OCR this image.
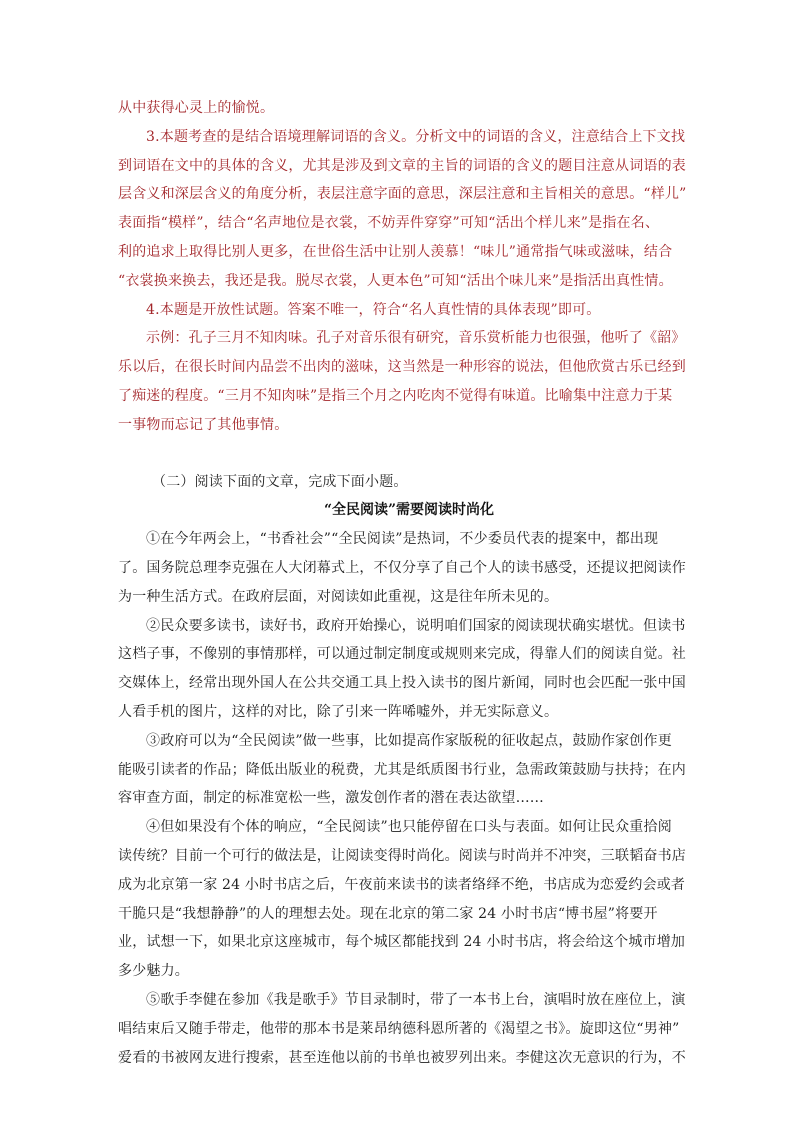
从中获得心灵上的愉悦。
3.本题考查的是结合语境理解词语的含义。分析文中的词语的含义，注意结合上下文找
到词语在文中的具体的含义，尤其是涉及到文章的主旨的词语的含义的题目注意从词语的表
层含义和深层含义的角度分析，表层注意字面的意思，深层注意和主旨相关的意思。“样儿”
表面指“模样”，结合“名声地位是衣裳，不妨弄件穿穿”可知“活出个样儿来”是指在名、
利的追求上取得比别人更多，在世俗生活中让别人羡慕！“味儿”通常指气味或滋味，结合
“衣裳换来换去，我还是我。脱尽衣裳，人更本色”可知“活出个味儿来”是指活出真性情。
4.本题是开放性试题。答案不唯一，符合“名人真性情的具体表现”即可。
示例：孔子三月不知肉味。孔子对音乐很有研究，音乐赏析能力也很强，他听了《韶》
乐以后，在很长时间内品尝不出肉的滋味，这当然是一种形容的说法，但他欣赏古乐已经到
了痴迷的程度。“三月不知肉味”是指三个月之内吃肉不觉得有味道。比喻集中注意力于某
一事物而忘记了其他事情。
（二）阅读下面的文章，完成下面小题。
“全民阅读”需要阅读时尚化
①在今年两会上，“书香社会”“全民阅读”是热词，不少委员代表的提案中，都出现
了。国务院总理李克强在人大闭幕式上，不仅分享了自己个人的读书感受，还提议把阅读作
为一种生活方式。在政府层面，对阅读如此重视，这是往年所未见的。
②民众要多读书，读好书，政府开始操心，说明咱们国家的阅读现状确实堪忧。但读书
这档子事，不像别的事情那样，可以通过制定制度或规则来完成，得靠人们的阅读自觉。社
交媒体上，经常出现外国人在公共交通工具上投入读书的图片新闻，同时也会匹配一张中国
人看手机的图片，这样的对比，除了引来一阵唏嘘外，并无实际意义。
③政府可以为“全民阅读”做一些事，比如提高作家版税的征收起点，鼓励作家创作更
能吸引读者的作品；降低出版业的税费，尤其是纸质图书行业，急需政策鼓励与扶持；在内
容审查方面，制定的标准宽松一些，激发创作者的潜在表达欲望……
④但如果没有个体的响应，“全民阅读”也只能停留在口头与表面。如何让民众重拾阅
读传统？目前一个可行的做法是，让阅读变得时尚化。阅读与时尚并不冲突，三联韬奋书店
成为北京第一家 24 小时书店之后，午夜前来读书的读者络绎不绝，书店成为恋爱约会或者
干脆只是“我想静静”的人的理想去处。现在北京的第二家 24 小时书店“博书屋”将要开
业，试想一下，如果北京这座城市，每个城区都能找到 24 小时书店，将会给这个城市增加
多少魅力。
⑤歌手李健在参加《我是歌手》节目录制时，带了一本书上台，演唱时放在座位上，演
唱结束后又随手带走，他带的那本书是莱昂纳德科恩所著的《渴望之书》。旋即这位“男神”
爱看的书被网友进行搜索，甚至连他以前的书单也被罗列出来。李健这次无意识的行为，不
